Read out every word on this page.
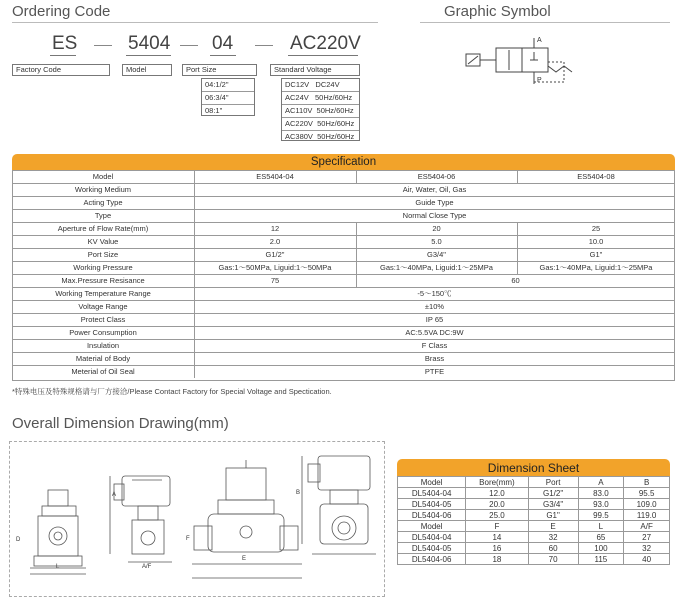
Ordering Code
ES	5404 04	AC220V
Factory Code	Model	Port Size	Standard Voltage
04:1/2"
06:3/4"
08:1"
DC12V   DC24V
AC24V   50Hz/60Hz
AC110V  50Hz/60Hz
AC220V  50Hz/60Hz
AC380V  50Hz/60Hz
Graphic Symbol
A
P
Specification
Model	ES5404-04	ES5404-06	ES5404-08
Working Medium	Air, Water, Oil, Gas
Acting Type	Guide Type
Type	Normal Close Type
Aperture of Flow Rate(mm)	12	20	25
KV Value	2.0	5.0	10.0
Port Size	G1/2"	G3/4"	G1"
Working Pressure	Gas:1～50MPa, Liguid:1～50MPa	Gas:1～40MPa, Liguid:1～25MPa	Gas:1～40MPa, Liguid:1～25MPa
Max.Pressure Resisance	75	60
Working Temperature Range	-5～150℃
Voltage Range	±10%
Protect Class	IP 65
Power Consumption	AC:5.5VA DC:9W
Insulation	F Class
Material of Body	Brass
Meterial of Oil Seal	PTFE
*特殊电压及特殊规格请与厂方接洽/Please Contact Factory for Special Voltage and Spectication.
Overall Dimension Drawing(mm)
A
D
L	A/F
F
E
B
Dimension Sheet
Model	Bore(mm)	Port	A	B
DL5404-04	12.0	G1/2"	83.0	95.5
DL5404-05	20.0	G3/4"	93.0	109.0
DL5404-06	25.0	G1"	99.5	119.0
Model	F	E	L	A/F
DL5404-04	14	32	65	27
DL5404-05	16	60	100	32
DL5404-06	18	70	115	40
